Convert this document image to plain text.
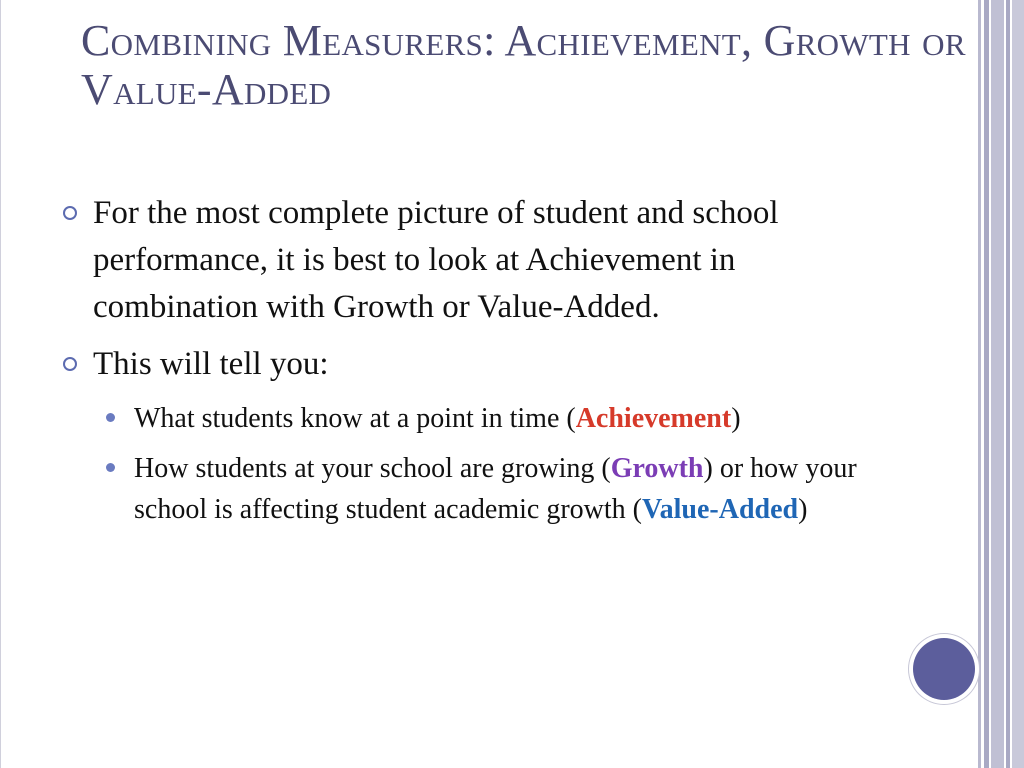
Combining Measurers: Achievement, Growth or Value-Added
For the most complete picture of student and school performance, it is best to look at Achievement in combination with Growth or Value-Added.
This will tell you:
What students know at a point in time (Achievement)
How students at your school are growing (Growth) or how your school is affecting student academic growth (Value-Added)
